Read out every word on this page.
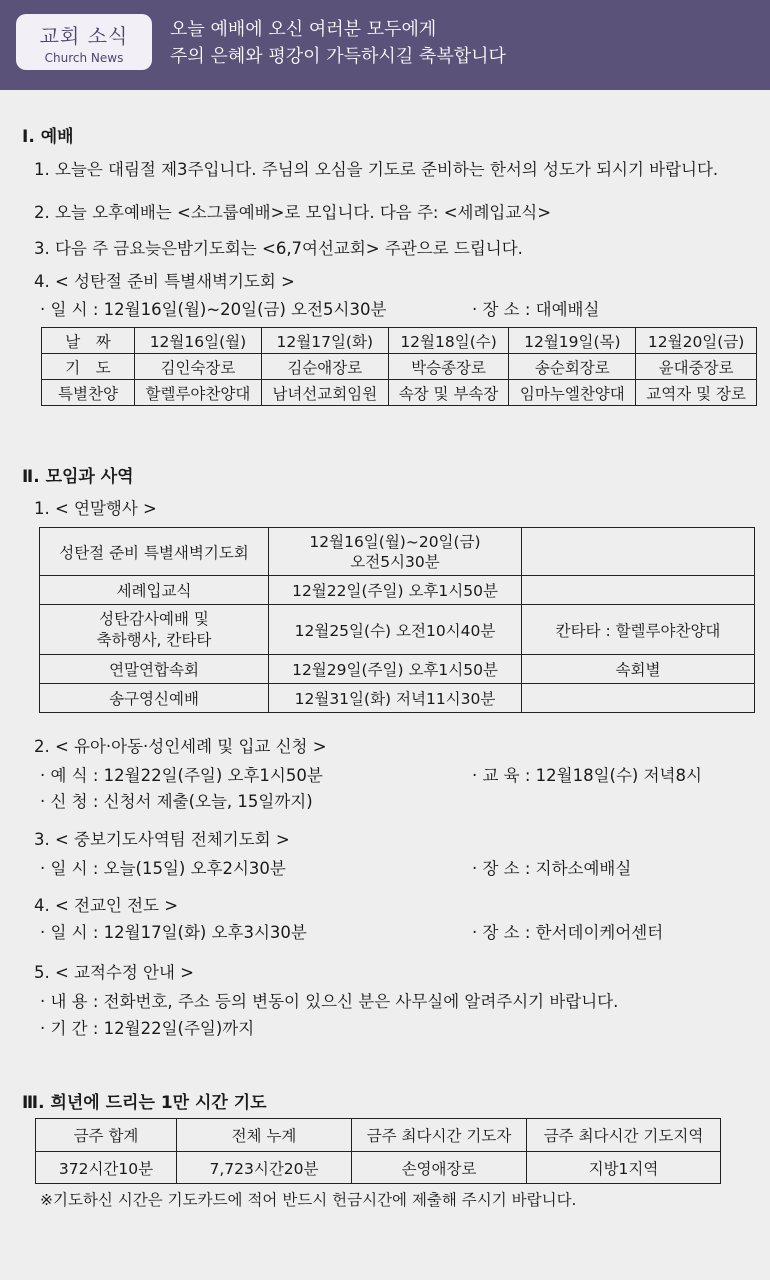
교회 소식
Church News
오늘 예배에 오신 여러분 모두에게
주의 은혜와 평강이 가득하시길 축복합니다
Ⅰ. 예배
1. 오늘은 대림절 제3주입니다. 주님의 오심을 기도로 준비하는 한서의 성도가 되시기 바랍니다.
2. 오늘 오후예배는 <소그룹예배>로 모입니다. 다음 주: <세례입교식>
3. 다음 주 금요늦은밤기도회는 <6,7여선교회> 주관으로 드립니다.
4. < 성탄절 준비 특별새벽기도회 >
· 일 시 : 12월16일(월)~20일(금) 오전5시30분	· 장 소 : 대예배실
날　짜	12월16일(월)	12월17일(화)	12월18일(수)	12월19일(목)	12월20일(금)
기　도	김인숙장로	김순애장로	박승종장로	송순회장로	윤대중장로
특별찬양	할렐루야찬양대	남녀선교회임원	속장 및 부속장	임마누엘찬양대	교역자 및 장로
Ⅱ. 모임과 사역
1. < 연말행사 >
성탄절 준비 특별새벽기도회	12월16일(월)~20일(금)
오전5시30분	

세례입교식	12월22일(주일) 오후1시50분	

성탄감사예배 및
축하행사, 칸타타	12월25일(수) 오전10시40분	칸타타 : 할렐루야찬양대
연말연합속회	12월29일(주일) 오후1시50분	속회별
송구영신예배	12월31일(화) 저녁11시30분	
2. < 유아·아동·성인세례 및 입교 신청 >
· 예 식 : 12월22일(주일) 오후1시50분	· 교 육 : 12월18일(수) 저녁8시
· 신 청 : 신청서 제출(오늘, 15일까지)
3. < 중보기도사역팀 전체기도회 >
· 일 시 : 오늘(15일) 오후2시30분	· 장 소 : 지하소예배실
4. < 전교인 전도 >
· 일 시 : 12월17일(화) 오후3시30분	· 장 소 : 한서데이케어센터
5. < 교적수정 안내 >
· 내 용 : 전화번호, 주소 등의 변동이 있으신 분은 사무실에 알려주시기 바랍니다.
· 기 간 : 12월22일(주일)까지
Ⅲ. 희년에 드리는 1만 시간 기도
금주 합계	전체 누계	금주 최다시간 기도자	금주 최다시간 기도지역
372시간10분	7,723시간20분	손영애장로	지방1지역
※기도하신 시간은 기도카드에 적어 반드시 헌금시간에 제출해 주시기 바랍니다.
